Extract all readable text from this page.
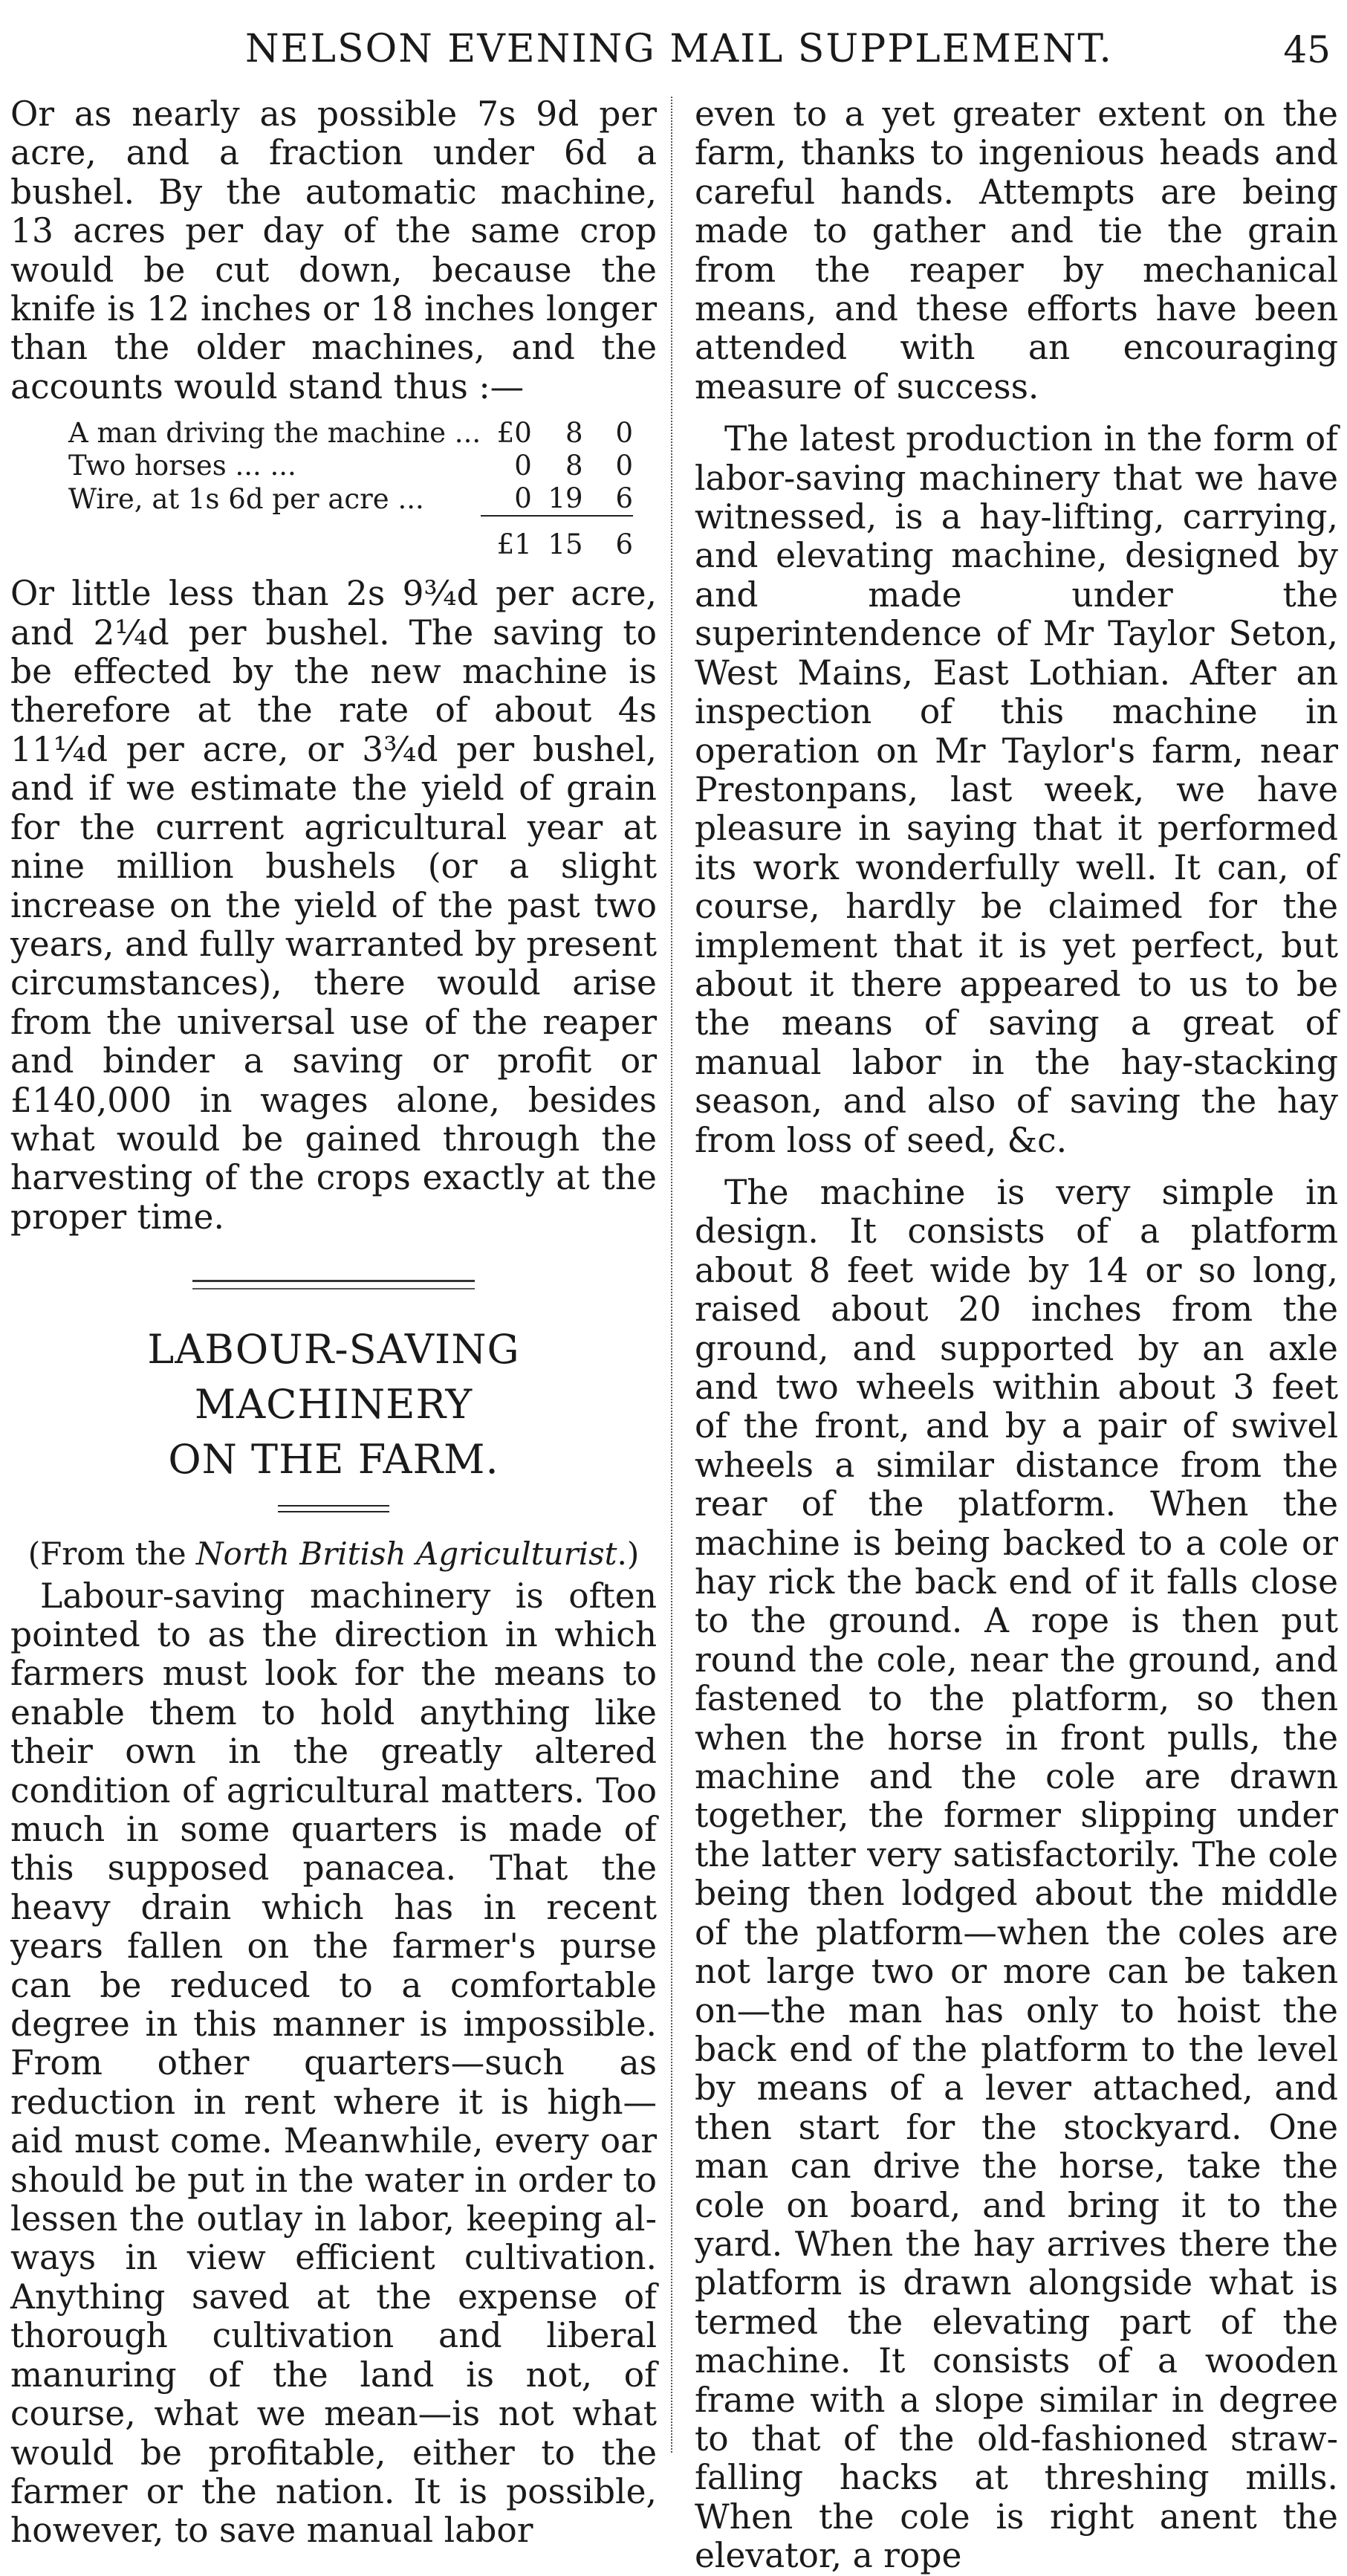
NELSON EVENING MAIL SUPPLEMENT.	45

Or as nearly as possible 7s 9d per acre, and a fraction under 6d a bushel. By the automatic machine, 13 acres per day of the same crop would be cut down, because the knife is 12 inches or 18 inches longer than the older machines, and the accounts would stand thus :—

A man driving the machine ...	£0	8	0
Two horses ... ...	0	8	0
Wire, at 1s 6d per acre ...	0	19	6
	£1	15	6

Or little less than 2s 9¾d per acre, and 2¼d per bushel. The saving to be effected by the new machine is therefore at the rate of about 4s 11¼d per acre, or 3¾d per bushel, and if we estimate the yield of grain for the current agricultural year at nine million bushels (or a slight increase on the yield of the past two years, and fully warranted by present circumstances), there would arise from the universal use of the reaper and binder a saving or profit or £140,000 in wages alone, besides what would be gained through the harvesting of the crops exactly at the proper time.

LABOUR-SAVING MACHINERY
ON THE FARM.

(From the North British Agriculturist.)

Labour-saving machinery is often pointed to as the direction in which farmers must look for the means to enable them to hold anything like their own in the greatly altered condition of agricultural matters. Too much in some quarters is made of this supposed panacea. That the heavy drain which has in recent years fallen on the farmer's purse can be reduced to a comfortable degree in this manner is impossible. From other quarters—such as reduction in rent where it is high—aid must come. Meanwhile, every oar should be put in the water in order to lessen the outlay in labor, keeping always in view efficient cultivation. Anything saved at the expense of thorough cultivation and liberal manuring of the land is not, of course, what we mean—is not what would be profitable, either to the farmer or the nation. It is possible, however, to save manual labor

even to a yet greater extent on the farm, thanks to ingenious heads and careful hands. Attempts are being made to gather and tie the grain from the reaper by mechanical means, and these efforts have been attended with an encouraging measure of success.

The latest production in the form of labor-saving machinery that we have witnessed, is a hay-lifting, carrying, and elevating machine, designed by and made under the superintendence of Mr Taylor Seton, West Mains, East Lothian. After an inspection of this machine in operation on Mr Taylor's farm, near Prestonpans, last week, we have pleasure in saying that it performed its work wonderfully well. It can, of course, hardly be claimed for the implement that it is yet perfect, but about it there appeared to us to be the means of saving a great of manual labor in the hay-stacking season, and also of saving the hay from loss of seed, &c.

The machine is very simple in design. It consists of a platform about 8 feet wide by 14 or so long, raised about 20 inches from the ground, and supported by an axle and two wheels within about 3 feet of the front, and by a pair of swivel wheels a similar distance from the rear of the platform. When the machine is being backed to a cole or hay rick the back end of it falls close to the ground. A rope is then put round the cole, near the ground, and fastened to the platform, so then when the horse in front pulls, the machine and the cole are drawn together, the former slipping under the latter very satisfactorily. The cole being then lodged about the middle of the platform—when the coles are not large two or more can be taken on—the man has only to hoist the back end of the platform to the level by means of a lever attached, and then start for the stockyard. One man can drive the horse, take the cole on board, and bring it to the yard. When the hay arrives there the platform is drawn alongside what is termed the elevating part of the machine. It consists of a wooden frame with a slope similar in degree to that of the old-fashioned straw-falling hacks at threshing mills. When the cole is right anent the elevator, a rope
